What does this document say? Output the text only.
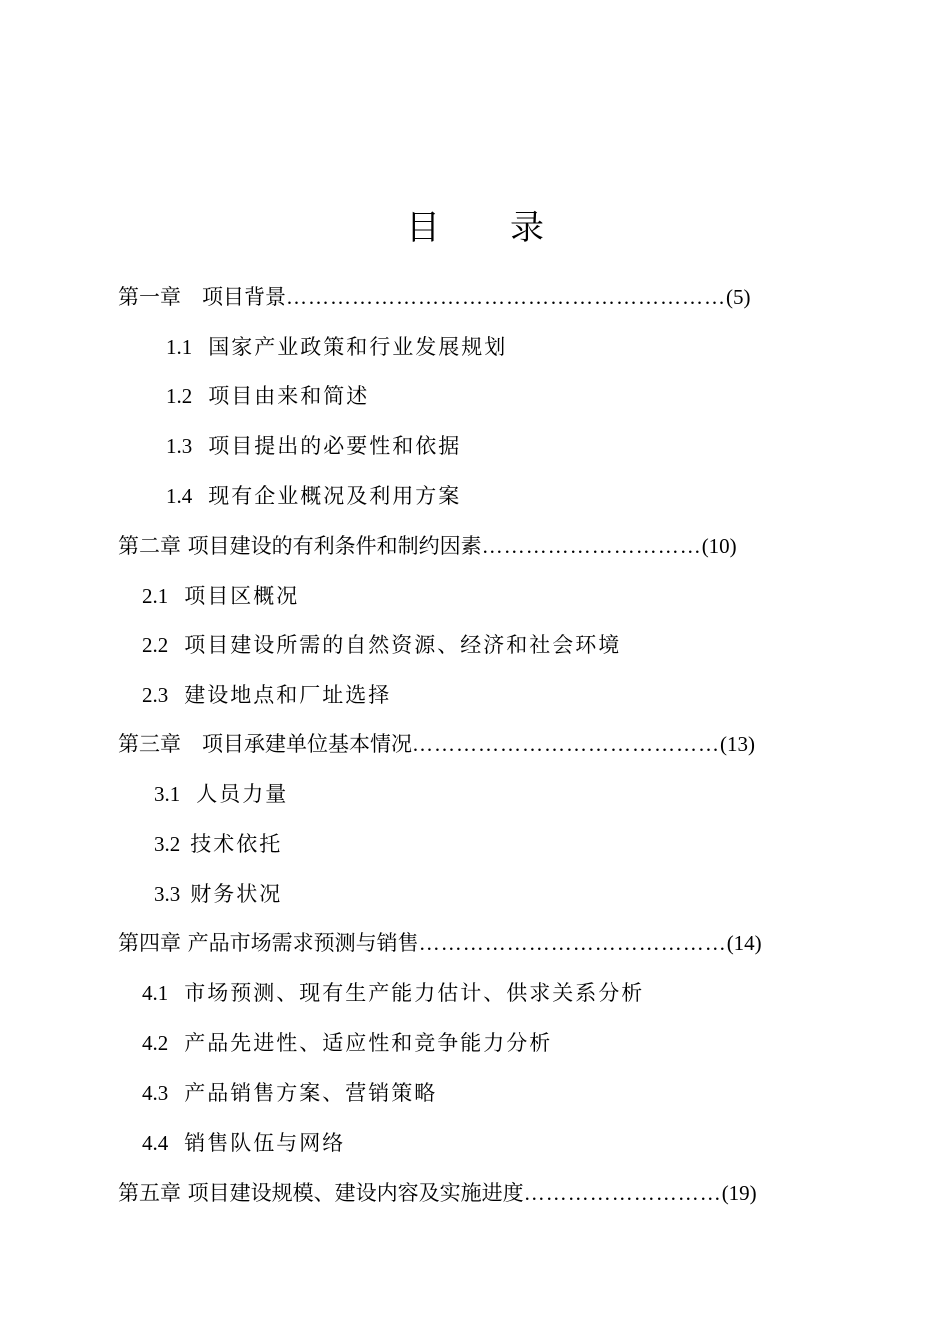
目 录
第一章　项目背景……………………………………………………(5)
1.1 国家产业政策和行业发展规划
1.2 项目由来和简述
1.3 项目提出的必要性和依据
1.4 现有企业概况及利用方案
第二章 项目建设的有利条件和制约因素…………………………(10)
2.1 项目区概况
2.2 项目建设所需的自然资源、经济和社会环境
2.3 建设地点和厂址选择
第三章　项目承建单位基本情况……………………………………(13)
3.1 人员力量
3.2 技术依托
3.3 财务状况
第四章 产品市场需求预测与销售……………………………………(14)
4.1 市场预测、现有生产能力估计、供求关系分析
4.2 产品先进性、适应性和竞争能力分析
4.3 产品销售方案、营销策略
4.4 销售队伍与网络
第五章 项目建设规模、建设内容及实施进度………………………(19)
